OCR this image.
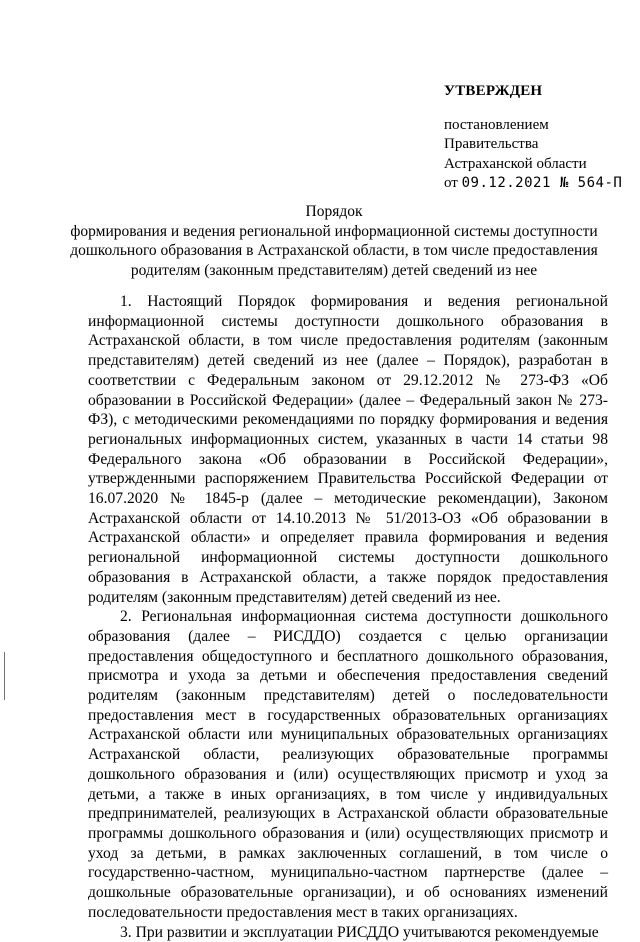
УТВЕРЖДЕН
постановлением
Правительства
Астраханской области
от 09.12.2021 № 564-П
Порядок
формирования и ведения региональной информационной системы доступности
дошкольного образования в Астраханской области, в том числе предоставления
родителям (законным представителям) детей сведений из нее

1. Настоящий Порядок формирования и ведения региональной информационной системы доступности дошкольного образования в Астраханской области, в том числе предоставления родителям (законным представителям) детей сведений из нее (далее – Порядок), разработан в соответствии с Федеральным законом от 29.12.2012 № 273-ФЗ «Об образовании в Российской Федерации» (далее – Федеральный закон № 273-ФЗ), с методическими рекомендациями по порядку формирования и ведения региональных информационных систем, указанных в части 14 статьи 98 Федерального закона «Об образовании в Российской Федерации», утвержденными распоряжением Правительства Российской Федерации от 16.07.2020 № 1845-р (далее – методические рекомендации), Законом Астраханской области от 14.10.2013 № 51/2013-ОЗ «Об образовании в Астраханской области» и определяет правила формирования и ведения региональной информационной системы доступности дошкольного образования в Астраханской области, а также порядок предоставления родителям (законным представителям) детей сведений из нее.

2. Региональная информационная система доступности дошкольного образования (далее – РИСДДО) создается с целью организации предоставления общедоступного и бесплатного дошкольного образования, присмотра и ухода за детьми и обеспечения предоставления сведений родителям (законным представителям) детей о последовательности предоставления мест в государственных образовательных организациях Астраханской области или муниципальных образовательных организациях Астраханской области, реализующих образовательные программы дошкольного образования и (или) осуществляющих присмотр и уход за детьми, а также в иных организациях, в том числе у индивидуальных предпринимателей, реализующих в Астраханской области образовательные программы дошкольного образования и (или) осуществляющих присмотр и уход за детьми, в рамках заключенных соглашений, в том числе о государственно-частном, муниципально-частном партнерстве (далее – дошкольные образовательные организации), и об основаниях изменений последовательности предоставления мест в таких организациях.

3. При развитии и эксплуатации РИСДДО учитываются рекомендуемые
